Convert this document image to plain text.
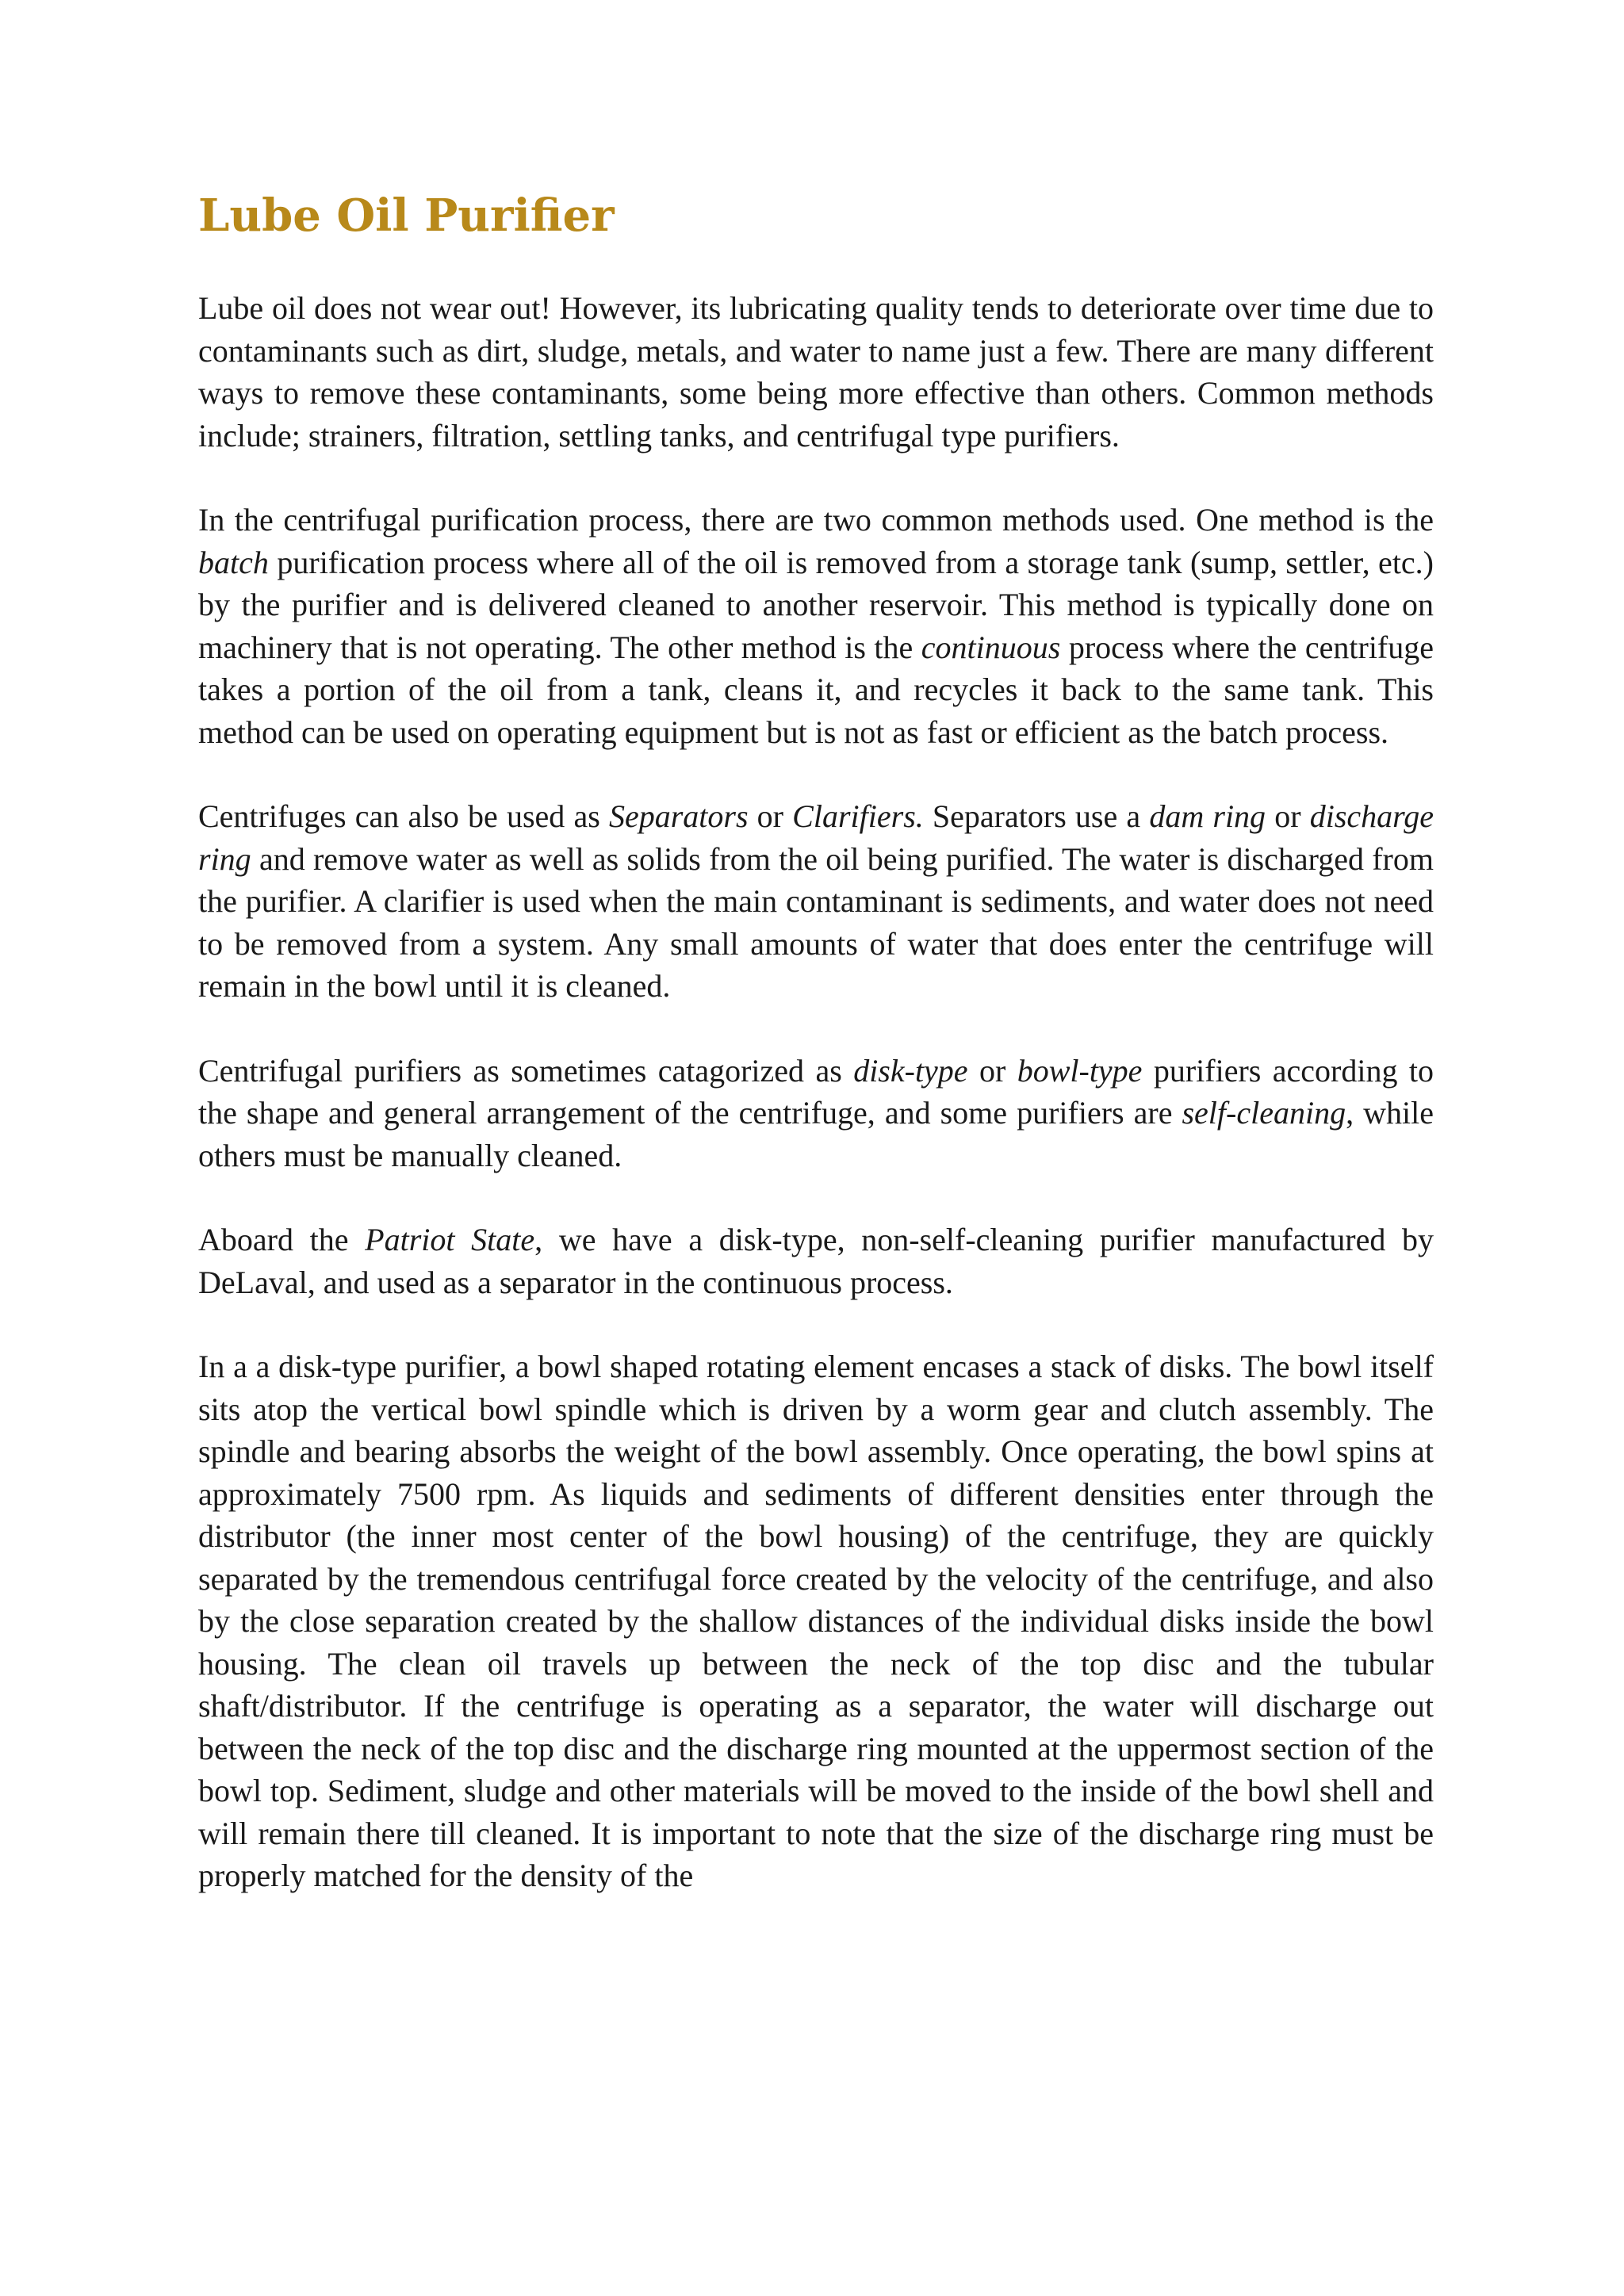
Lube Oil Purifier

Lube oil does not wear out! However, its lubricating quality tends to deteriorate over time due to contaminants such as dirt, sludge, metals, and water to name just a few. There are many different ways to remove these contaminants, some being more effective than others. Common methods include; strainers, filtration, settling tanks, and centrifugal type purifiers.

In the centrifugal purification process, there are two common methods used. One method is the batch purification process where all of the oil is removed from a storage tank (sump, settler, etc.) by the purifier and is delivered cleaned to another reservoir. This method is typically done on machinery that is not operating. The other method is the continuous process where the centrifuge takes a portion of the oil from a tank, cleans it, and recycles it back to the same tank. This method can be used on operating equipment but is not as fast or efficient as the batch process.

Centrifuges can also be used as Separators or Clarifiers. Separators use a dam ring or discharge ring and remove water as well as solids from the oil being purified. The water is discharged from the purifier. A clarifier is used when the main contaminant is sediments, and water does not need to be removed from a system. Any small amounts of water that does enter the centrifuge will remain in the bowl until it is cleaned.

Centrifugal purifiers as sometimes catagorized as disk-type or bowl-type purifiers according to the shape and general arrangement of the centrifuge, and some purifiers are self-cleaning, while others must be manually cleaned.

Aboard the Patriot State, we have a disk-type, non-self-cleaning purifier manufactured by DeLaval, and used as a separator in the continuous process.

In a a disk-type purifier, a bowl shaped rotating element encases a stack of disks. The bowl itself sits atop the vertical bowl spindle which is driven by a worm gear and clutch assembly. The spindle and bearing absorbs the weight of the bowl assembly. Once operating, the bowl spins at approximately 7500 rpm. As liquids and sediments of different densities enter through the distributor (the inner most center of the bowl housing) of the centrifuge, they are quickly separated by the tremendous centrifugal force created by the velocity of the centrifuge, and also by the close separation created by the shallow distances of the individual disks inside the bowl housing. The clean oil travels up between the neck of the top disc and the tubular shaft/distributor. If the centrifuge is operating as a separator, the water will discharge out between the neck of the top disc and the discharge ring mounted at the uppermost section of the bowl top. Sediment, sludge and other materials will be moved to the inside of the bowl shell and will remain there till cleaned. It is important to note that the size of the discharge ring must be properly matched for the density of the
